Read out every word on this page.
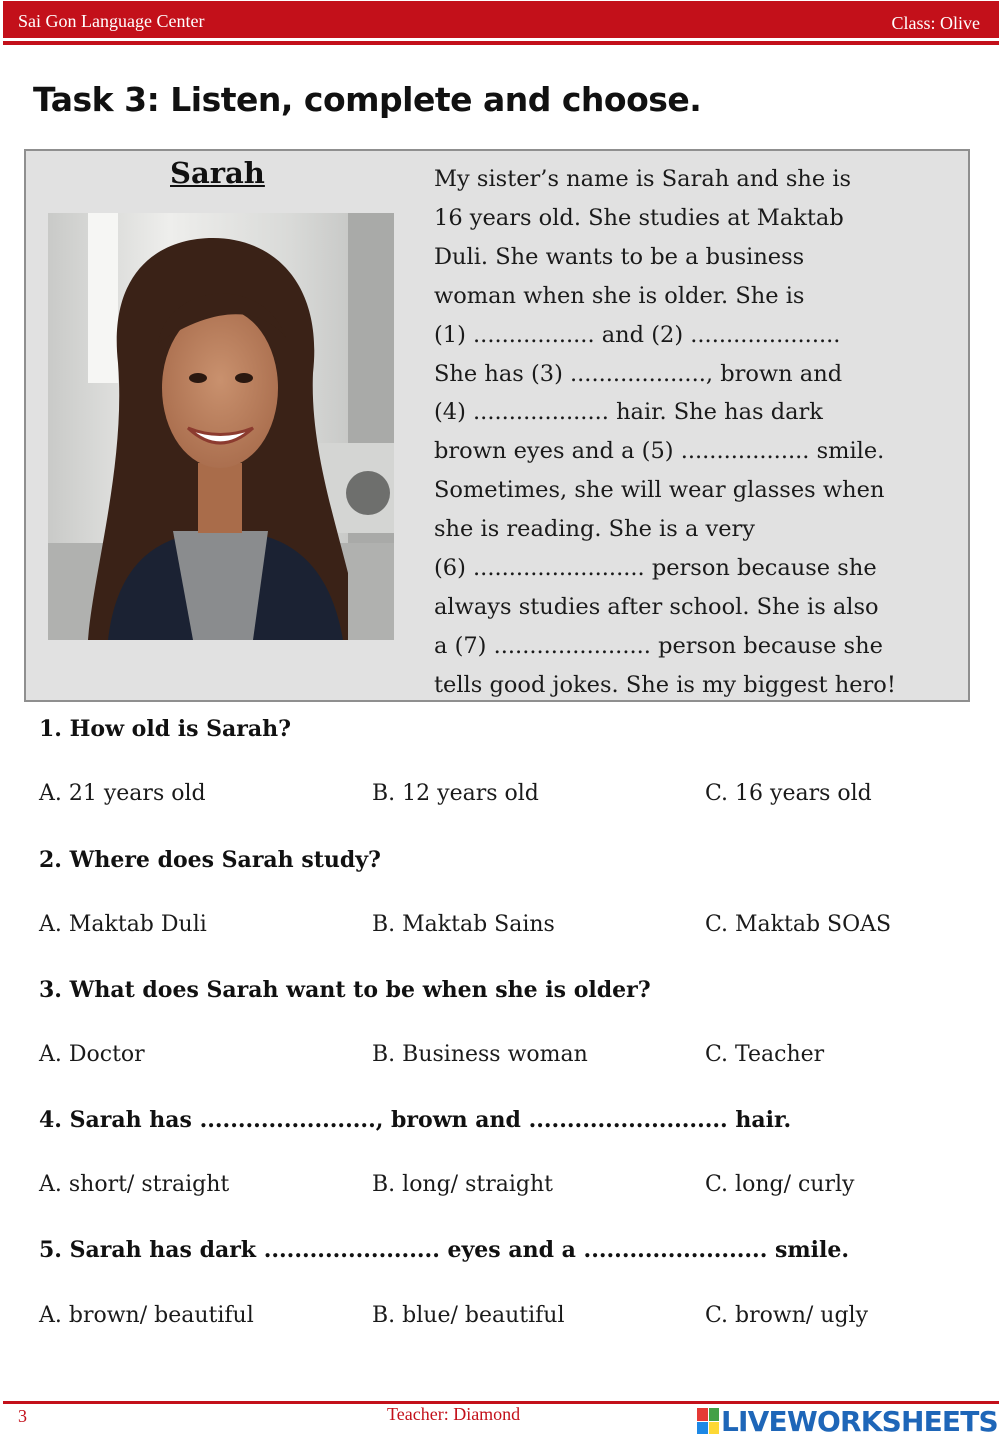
Sai Gon Language Center	Class: Olive
Task 3: Listen, complete and choose.
Sarah	My sister’s name is Sarah and she is
16 years old. She studies at Maktab
Duli. She wants to be a business
woman when she is older. She is
(1) ................. and (2) .....................
She has (3) ..................., brown and
(4) ................... hair. She has dark
brown eyes and a (5) .................. smile.
Sometimes, she will wear glasses when
she is reading. She is a very
(6) ........................ person because she
always studies after school. She is also
a (7) ...................... person because she
tells good jokes. She is my biggest hero!
1. How old is Sarah?
A. 21 years old	B. 12 years old	C. 16 years old
2. Where does Sarah study?
A. Maktab Duli	B. Maktab Sains	C. Maktab SOAS
3. What does Sarah want to be when she is older?
A. Doctor	B. Business woman	C. Teacher
4. Sarah has ......................., brown and .......................... hair.
A. short/ straight	B. long/ straight	C. long/ curly
5. Sarah has dark ....................... eyes and a ........................ smile.
A. brown/ beautiful	B. blue/ beautiful	C. brown/ ugly
3	Teacher: Diamond	LIVEWORKSHEETS
